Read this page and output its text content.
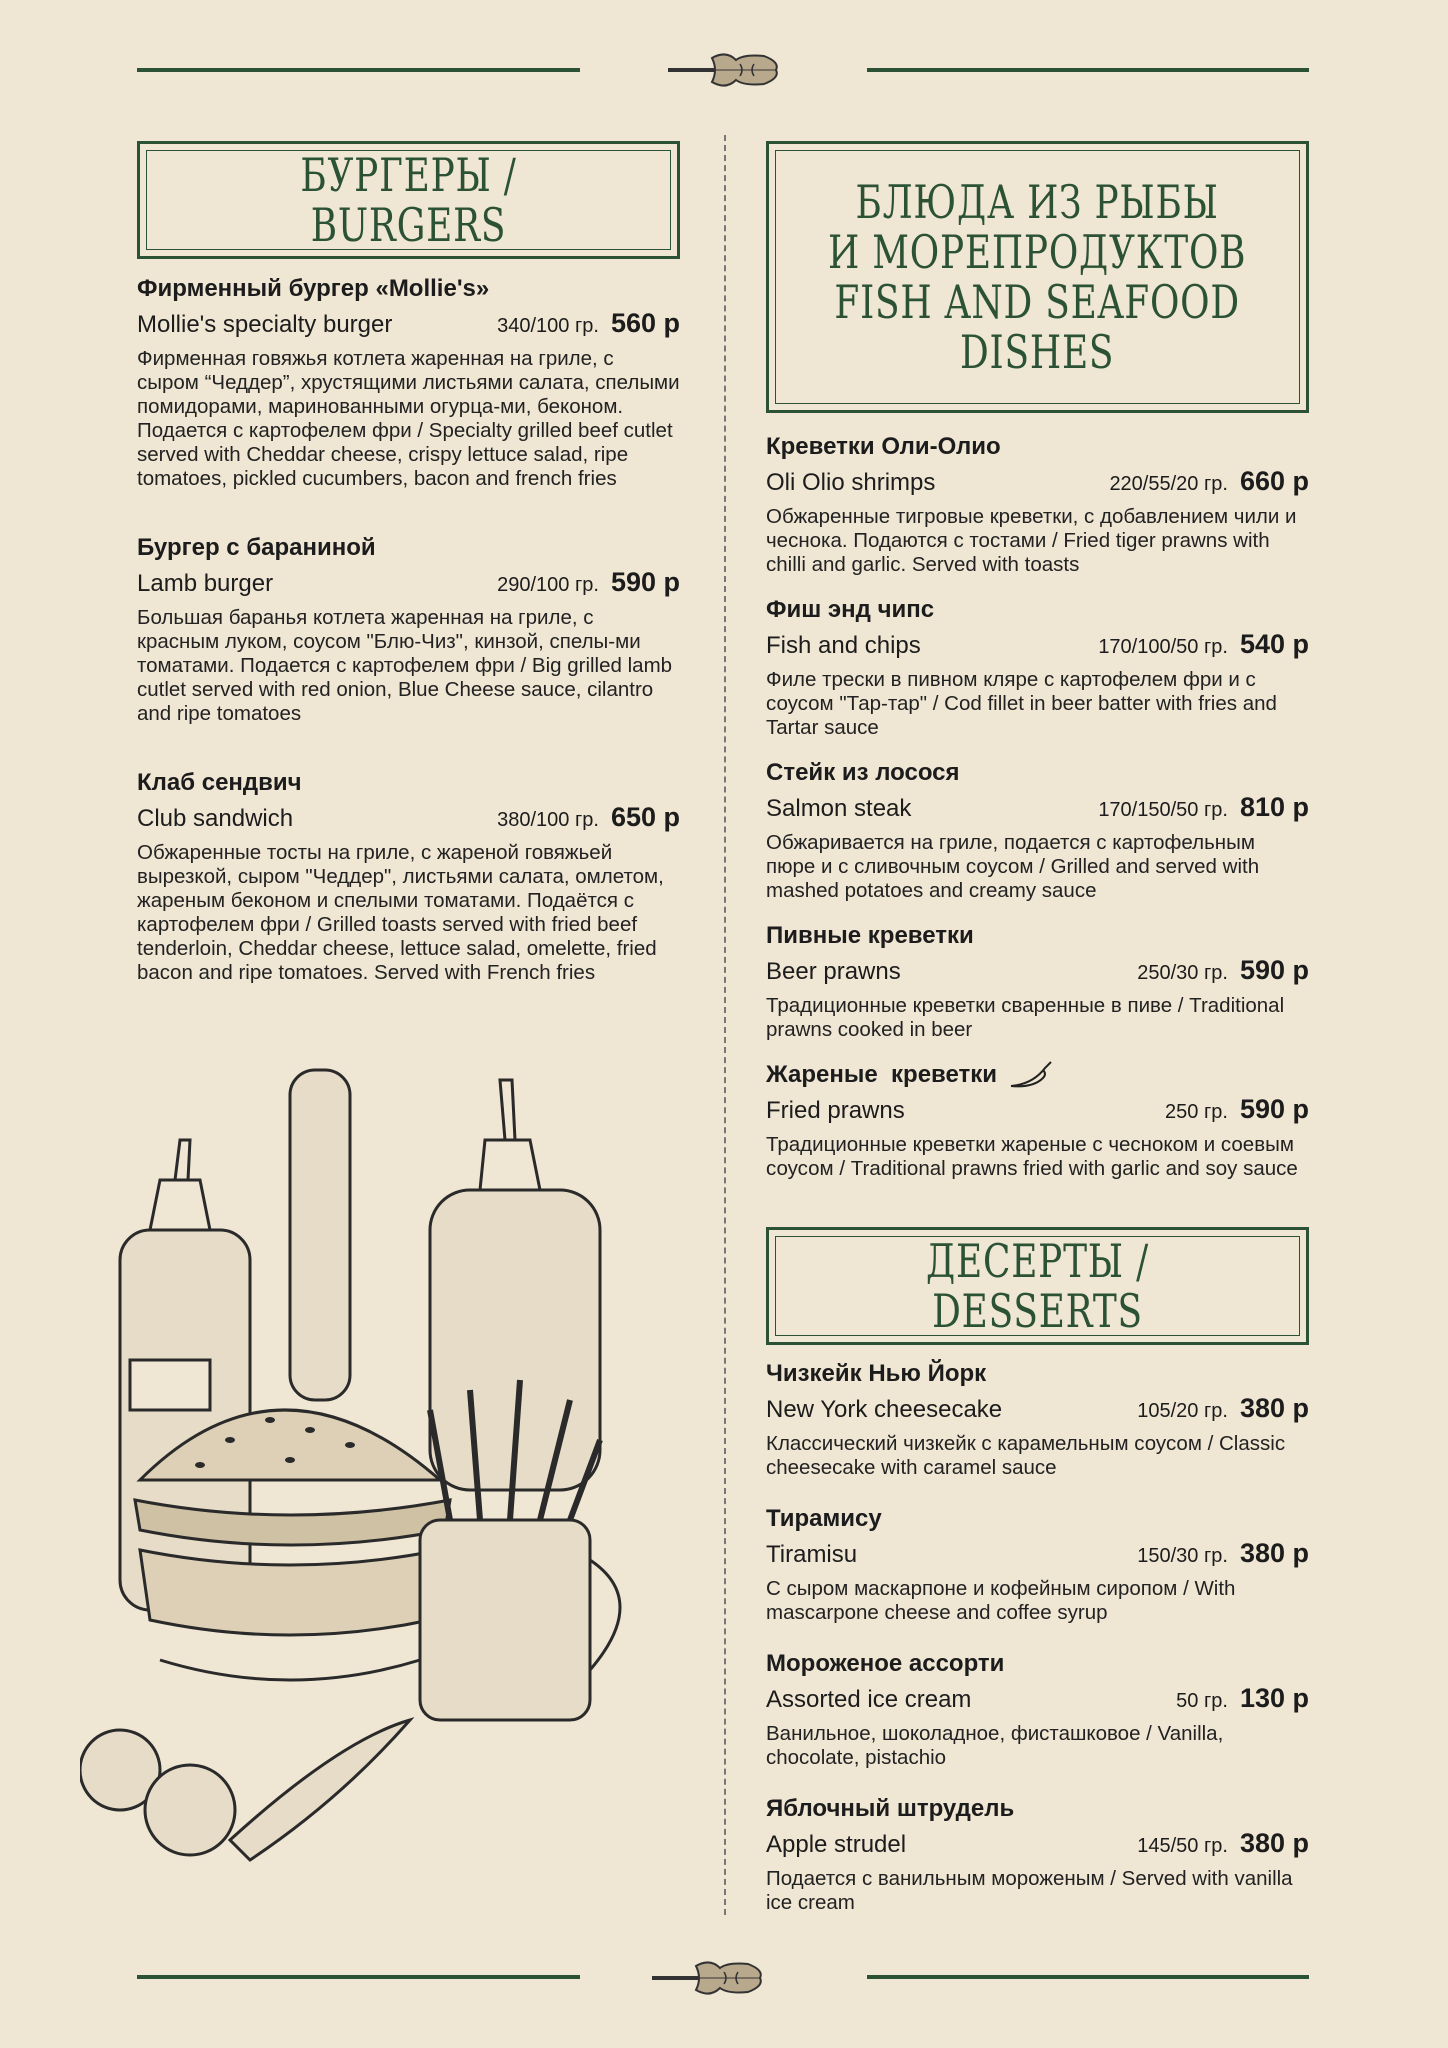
БУРГЕРЫ / BURGERS
Фирменный бургер «Mollie's»
Mollie's specialty burger	340/100 гр. 560 р
Фирменная говяжья котлета жаренная на гриле, с сыром “Чеддер”, хрустящими листьями салата, спелыми помидорами, маринованными огурца-ми, беконом. Подается с картофелем фри / Specialty grilled beef cutlet served with Cheddar cheese, crispy lettuce salad, ripe tomatoes, pickled cucumbers, bacon and french fries
Бургер с бараниной
Lamb burger	290/100 гр. 590 р
Большая баранья котлета жаренная на гриле, с красным луком, соусом "Блю-Чиз", кинзой, спелы-ми томатами. Подается с картофелем фри / Big grilled lamb cutlet served with red onion, Blue Cheese sauce, cilantro and ripe tomatoes
Клаб сендвич
Club sandwich	380/100 гр. 650 р
Обжаренные тосты на гриле, с жареной говяжьей вырезкой, сыром "Чеддер", листьями салата, омлетом, жареным беконом и спелыми томатами. Подаётся с картофелем фри / Grilled toasts served with fried beef tenderloin, Cheddar cheese, lettuce salad, omelette, fried bacon and ripe tomatoes. Served with French fries
БЛЮДА ИЗ РЫБЫ
И МОРЕПРОДУКТОВ
FISH AND SEAFOOD
DISHES
Креветки Оли-Олио
Oli Olio shrimps	220/55/20 гр. 660 р
Обжаренные тигровые креветки, с добавлением чили и чеснока. Подаются с тостами / Fried tiger prawns with chilli and garlic. Served with toasts
Фиш энд чипс
Fish and chips	170/100/50 гр. 540 р
Филе трески в пивном кляре с картофелем фри и с соусом "Тар-тар" / Cod fillet in beer batter with fries and Tartar sauce
Стейк из лосося
Salmon steak	170/150/50 гр. 810 р
Обжаривается на гриле, подается с картофельным пюре и с сливочным соусом / Grilled and served with mashed potatoes and creamy sauce
Пивные креветки
Beer prawns	250/30 гр. 590 р
Традиционные креветки сваренные в пиве / Traditional prawns cooked in beer
Жареные  креветки
Fried prawns	250 гр. 590 р
Традиционные креветки жареные с чесноком и соевым соусом / Traditional prawns fried with garlic and soy sauce
ДЕСЕРТЫ / DESSERTS
Чизкейк Нью Йорк
New York cheesecake	105/20 гр. 380 р
Классический чизкейк с карамельным соусом / Classic cheesecake with caramel sauce
Тирамису
Tiramisu	150/30 гр. 380 р
С сыром маскарпоне и кофейным сиропом / With mascarpone cheese and coffee syrup
Мороженое ассорти
Assorted ice cream	50 гр. 130 р
Ванильное, шоколадное, фисташковое / Vanilla, chocolate, pistachio
Яблочный штрудель
Apple strudel	145/50 гр. 380 р
Подается с ванильным мороженым / Served with vanilla ice cream
